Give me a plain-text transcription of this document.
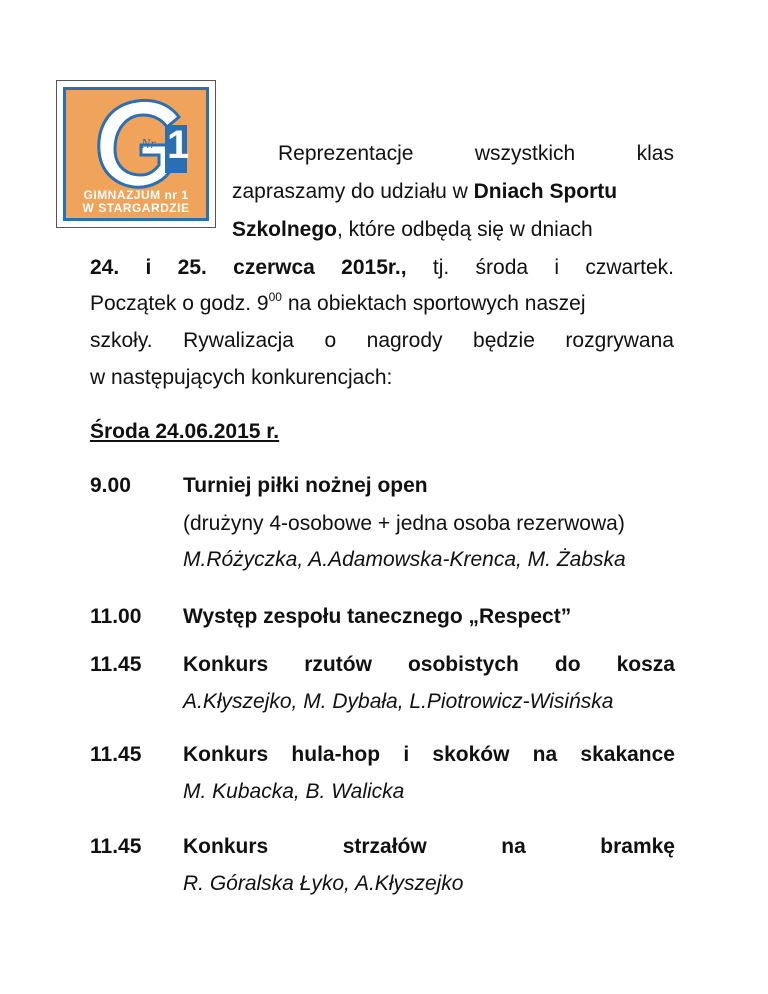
Nr 1
GIMNAZJUM nr 1
W STARGARDZIE
Reprezentacje	wszystkich	klas
zapraszamy do udziału w Dniach Sportu
Szkolnego, które odbędą się w dniach
24. i 25. czerwca 2015r., tj. środa i czwartek.
Początek o godz. $9^{00}$ na obiektach sportowych naszej
szkoły. Rywalizacja o nagrody będzie rozgrywana
w następujących konkurencjach:
Środa 24.06.2015 r.
9.00 Turniej piłki nożnej open
(drużyny 4-osobowe + jedna osoba rezerwowa)
M.Różyczka, A.Adamowska-Krenca, M. Żabska
11.00 Występ zespołu tanecznego „Respect”
11.45 Konkurs rzutów osobistych do kosza
A.Kłyszejko, M. Dybała, L.Piotrowicz-Wisińska
11.45 Konkurs hula-hop i skoków na skakance
M. Kubacka, B. Walicka
11.45 Konkurs	strzałów	na	bramkę
R. Góralska Łyko, A.Kłyszejko
